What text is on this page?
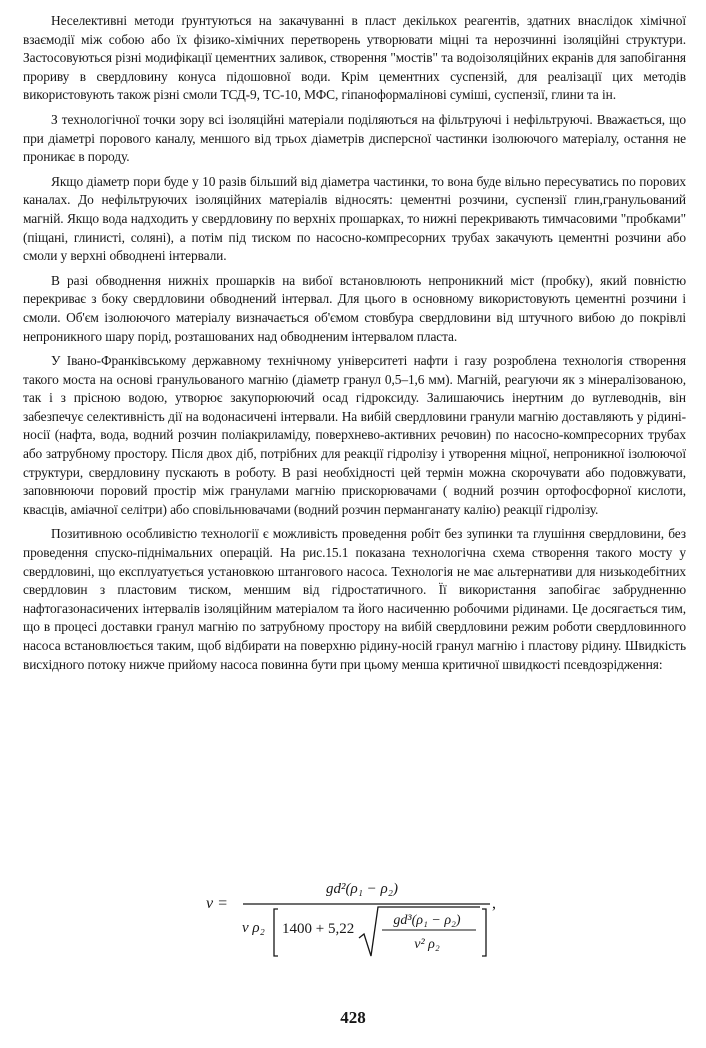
Неселективні методи ґрунтуються на закачуванні в пласт декількох реагентів, здатних внаслідок хімічної взаємодії між собою або їх фізико-хімічних перетворень утворювати міцні та нерозчинні ізоляційні структури. Застосовуються різні модифікації цементних заливок, створення "мостів" та водоізоляційних екранів для запобігання прориву в свердловину конуса підошовної води. Крім цементних суспензій, для реалізації цих методів використовують також різні смоли ТСД-9, ТС-10, МФС, гіпаноформалінові суміші, суспензії, глини та ін.

З технологічної точки зору всі ізоляційні матеріали поділяються на фільтруючі і нефільтруючі. Вважається, що при діаметрі порового каналу, меншого від трьох діаметрів дисперсної частинки ізолюючого матеріалу, остання не проникає в породу.

Якщо діаметр пори буде у 10 разів більший від діаметра частинки, то вона буде вільно пересуватись по порових каналах. До нефільтруючих ізоляційних матеріалів відносять: цементні розчини, суспензії глин,гранульований магній. Якщо вода надходить у свердловину по верхніх прошарках, то нижні перекривають тимчасовими "пробками" (піщані, глинисті, соляні), а потім під тиском по насосно-компресорних трубах закачують цементні розчини або смоли у верхні обводнені інтервали.

В разі обводнення нижніх прошарків на вибої встановлюють непроникний міст (пробку), який повністю перекриває з боку свердловини обводнений інтервал. Для цього в основному використовують цементні розчини і смоли. Об'єм ізолюючого матеріалу визначається об'ємом стовбура свердловини від штучного вибою до покрівлі непроникного шару порід, розташованих над обводненим інтервалом пласта.

У Івано-Франківському державному технічному університеті нафти і газу розроблена технологія створення такого моста на основі гранульованого магнію (діаметр гранул 0,5–1,6 мм). Магній, реагуючи як з мінералізованою, так і з прісною водою, утворює закупорюючий осад гідроксиду. Залишаючись інертним до вуглеводнів, він забезпечує селективність дії на водонасичені інтервали. На вибій свердловини гранули магнію доставляють у рідині-носії (нафта, вода, водний розчин поліакриламіду, поверхнево-активних речовин) по насосно-компресорних трубах або затрубному простору. Після двох діб, потрібних для реакції гідролізу і утворення міцної, непроникної ізолюючої структури, свердловину пускають в роботу. В разі необхідності цей термін можна скорочувати або подовжувати, заповнюючи поровий простір між гранулами магнію прискорювачами ( водний розчин ортофосфорної кислоти, квасців, аміачної селітри) або сповільнювачами (водний розчин перманганату калію) реакції гідролізу.

Позитивною особливістю технології є можливість проведення робіт без зупинки та глушіння свердловини, без проведення спуско-піднімальних операцій. На рис.15.1 показана технологічна схема створення такого мосту у свердловині, що експлуатується установкою штангового насоса. Технологія не має альтернативи для низькодебітних свердловин з пластовим тиском, меншим від гідростатичного. Її використання запобігає забрудненню нафтогазонасичених інтервалів ізоляційним матеріалом та його насиченню робочими рідинами. Це досягається тим, що в процесі доставки гранул магнію по затрубному простору на вибій свердловини режим роботи свердловинного насоса встановлюється таким, щоб відбирати на поверхню рідину-носій гранул магнію і пластову рідину. Швидкість висхідного потоку нижче прийому насоса повинна бути при цьому менша критичної швидкості псевдозрідження:

ν =
gd²(ρ₁ − ρ₂)
ν ρ₂ 1400 + 5,22
gd³(ρ₁ − ρ₂)
ν² ρ₂
,
428
